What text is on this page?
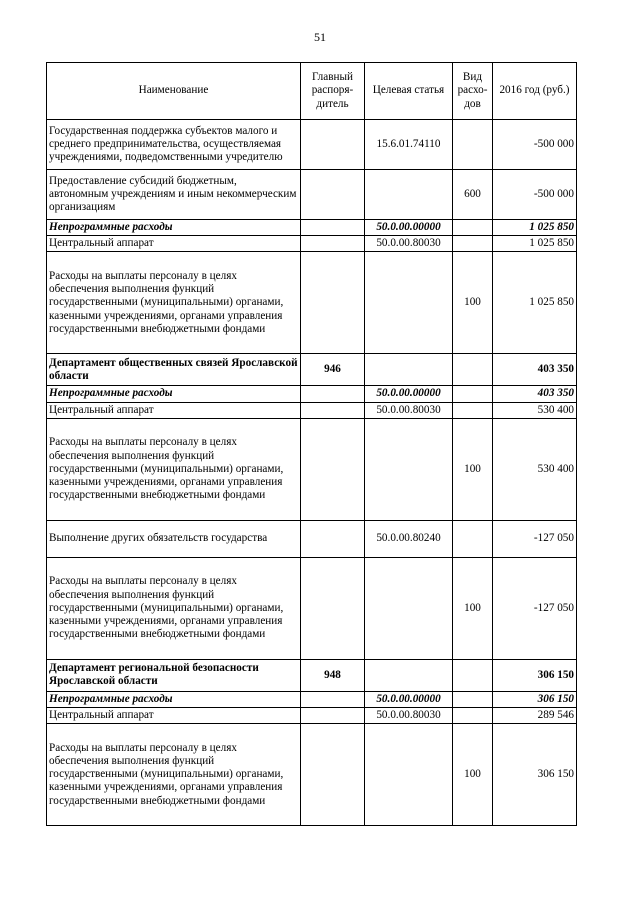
51
Наименование	Главный распоря-дитель	Целевая статья	Вид расхо-дов	2016 год (руб.)
Государственная поддержка субъектов малого и среднего предпринимательства, осуществляемая учреждениями, подведомственными учредителю		15.6.01.74110		-500 000
Предоставление субсидий бюджетным, автономным учреждениям и иным некоммерческим организациям			600	-500 000
Непрограммные расходы		50.0.00.00000		1 025 850
Центральный аппарат		50.0.00.80030		1 025 850
Расходы на выплаты персоналу в целях обеспечения выполнения функций государственными (муниципальными) органами, казенными учреждениями, органами управления государственными внебюджетными фондами			100	1 025 850
Департамент общественных связей Ярославской области	946			403 350
Непрограммные расходы		50.0.00.00000		403 350
Центральный аппарат		50.0.00.80030		530 400
Расходы на выплаты персоналу в целях обеспечения выполнения функций государственными (муниципальными) органами, казенными учреждениями, органами управления государственными внебюджетными фондами			100	530 400
Выполнение других обязательств государства		50.0.00.80240		-127 050
Расходы на выплаты персоналу в целях обеспечения выполнения функций государственными (муниципальными) органами, казенными учреждениями, органами управления государственными внебюджетными фондами			100	-127 050
Департамент региональной безопасности Ярославской области	948			306 150
Непрограммные расходы		50.0.00.00000		306 150
Центральный аппарат		50.0.00.80030		289 546
Расходы на выплаты персоналу в целях обеспечения выполнения функций государственными (муниципальными) органами, казенными учреждениями, органами управления государственными внебюджетными фондами			100	306 150
